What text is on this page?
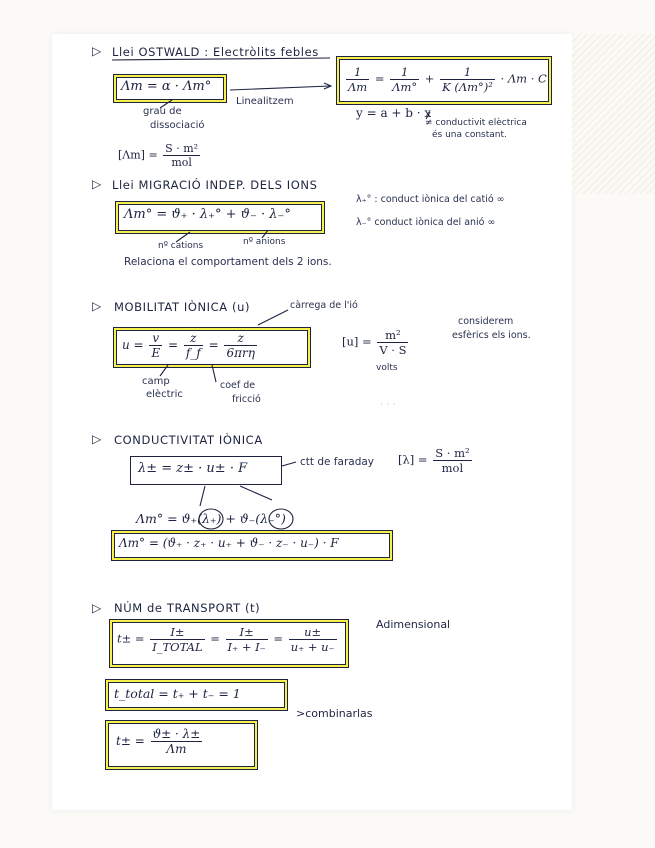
· · ·
▷ Llei OSTWALD : Electròlits febles
Λm = α · Λm°
grau de
dissociació
Linealitzem
$\frac{1}{\Lambda m} = \frac{1}{\Lambda m^\circ} + \frac{1}{\text{K (Λm°)²}} \cdot \Lambda m \cdot C$
y = a + b · x
≠ conductivit elèctrica
és una constant.
$[\Lambda m] = \frac{\text{S · m²}}{\text{mol}}$
▷ Llei MIGRACIÓ INDEP. DELS IONS
Λm° = ϑ₊ · λ₊° + ϑ₋ · λ₋°
nº cations	nº anions
λ₊° : conduct iònica del catió ∞
λ₋° conduct iònica del anió ∞
Relaciona el comportament dels 2 ions.
▷ MOBILITAT IÒNICA (u)	càrrega de l'ió
considerem
esfèrics els ions.
$u = \frac{v}{E} = \frac{z}{f\_f} = \frac{z}{\text{6πrη}}$	$[u] = \frac{\text{m²}}{V \cdot S}$
volts
camp
elèctric
coef de
fricció
▷ CONDUCTIVITAT IÒNICA
λ± = z± · u± · F	ctt de faraday $[\lambda] = \frac{\text{S · m²}}{\text{mol}}$
Λm° = ϑ₊(λ₊) + ϑ₋(λ₋°)
Λm° = (ϑ₊ · z₊ · u₊ + ϑ₋ · z₋ · u₋) · F
▷ NÚM de TRANSPORT (t)
Adimensional
$t\pm = \frac{I\pm}{\text{I\_TOTAL}} = \frac{I\pm}{I_+ + I_-} = \frac{u\pm}{u_+ + u_-}$
t_total = t₊ + t₋ = 1
>combinarlas
$t\pm = \frac{ϑ\pm \cdot \lambda\pm}{\Lambda m}$
